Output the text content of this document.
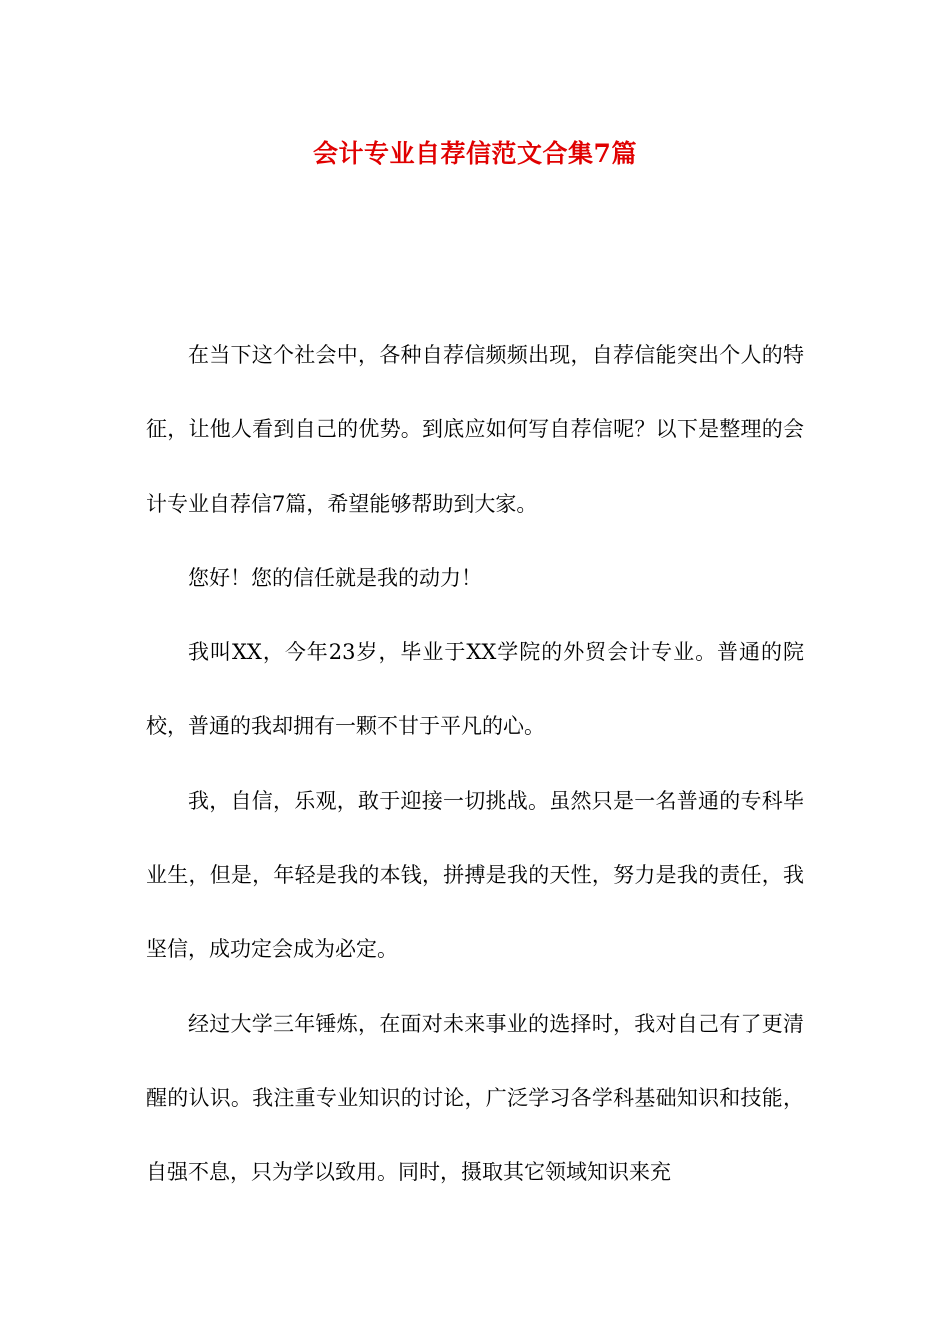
会计专业自荐信范文合集7篇

在当下这个社会中，各种自荐信频频出现，自荐信能突出个人的特征，让他人看到自己的优势。到底应如何写自荐信呢？以下是整理的会计专业自荐信7篇，希望能够帮助到大家。

您好！您的信任就是我的动力！

我叫XX，今年23岁，毕业于XX学院的外贸会计专业。普通的院校，普通的我却拥有一颗不甘于平凡的心。

我，自信，乐观，敢于迎接一切挑战。虽然只是一名普通的专科毕业生，但是，年轻是我的本钱，拼搏是我的天性，努力是我的责任，我坚信，成功定会成为必定。

经过大学三年锤炼，在面对未来事业的选择时，我对自己有了更清醒的认识。我注重专业知识的讨论，广泛学习各学科基础知识和技能，自强不息，只为学以致用。同时，摄取其它领域知识来充
